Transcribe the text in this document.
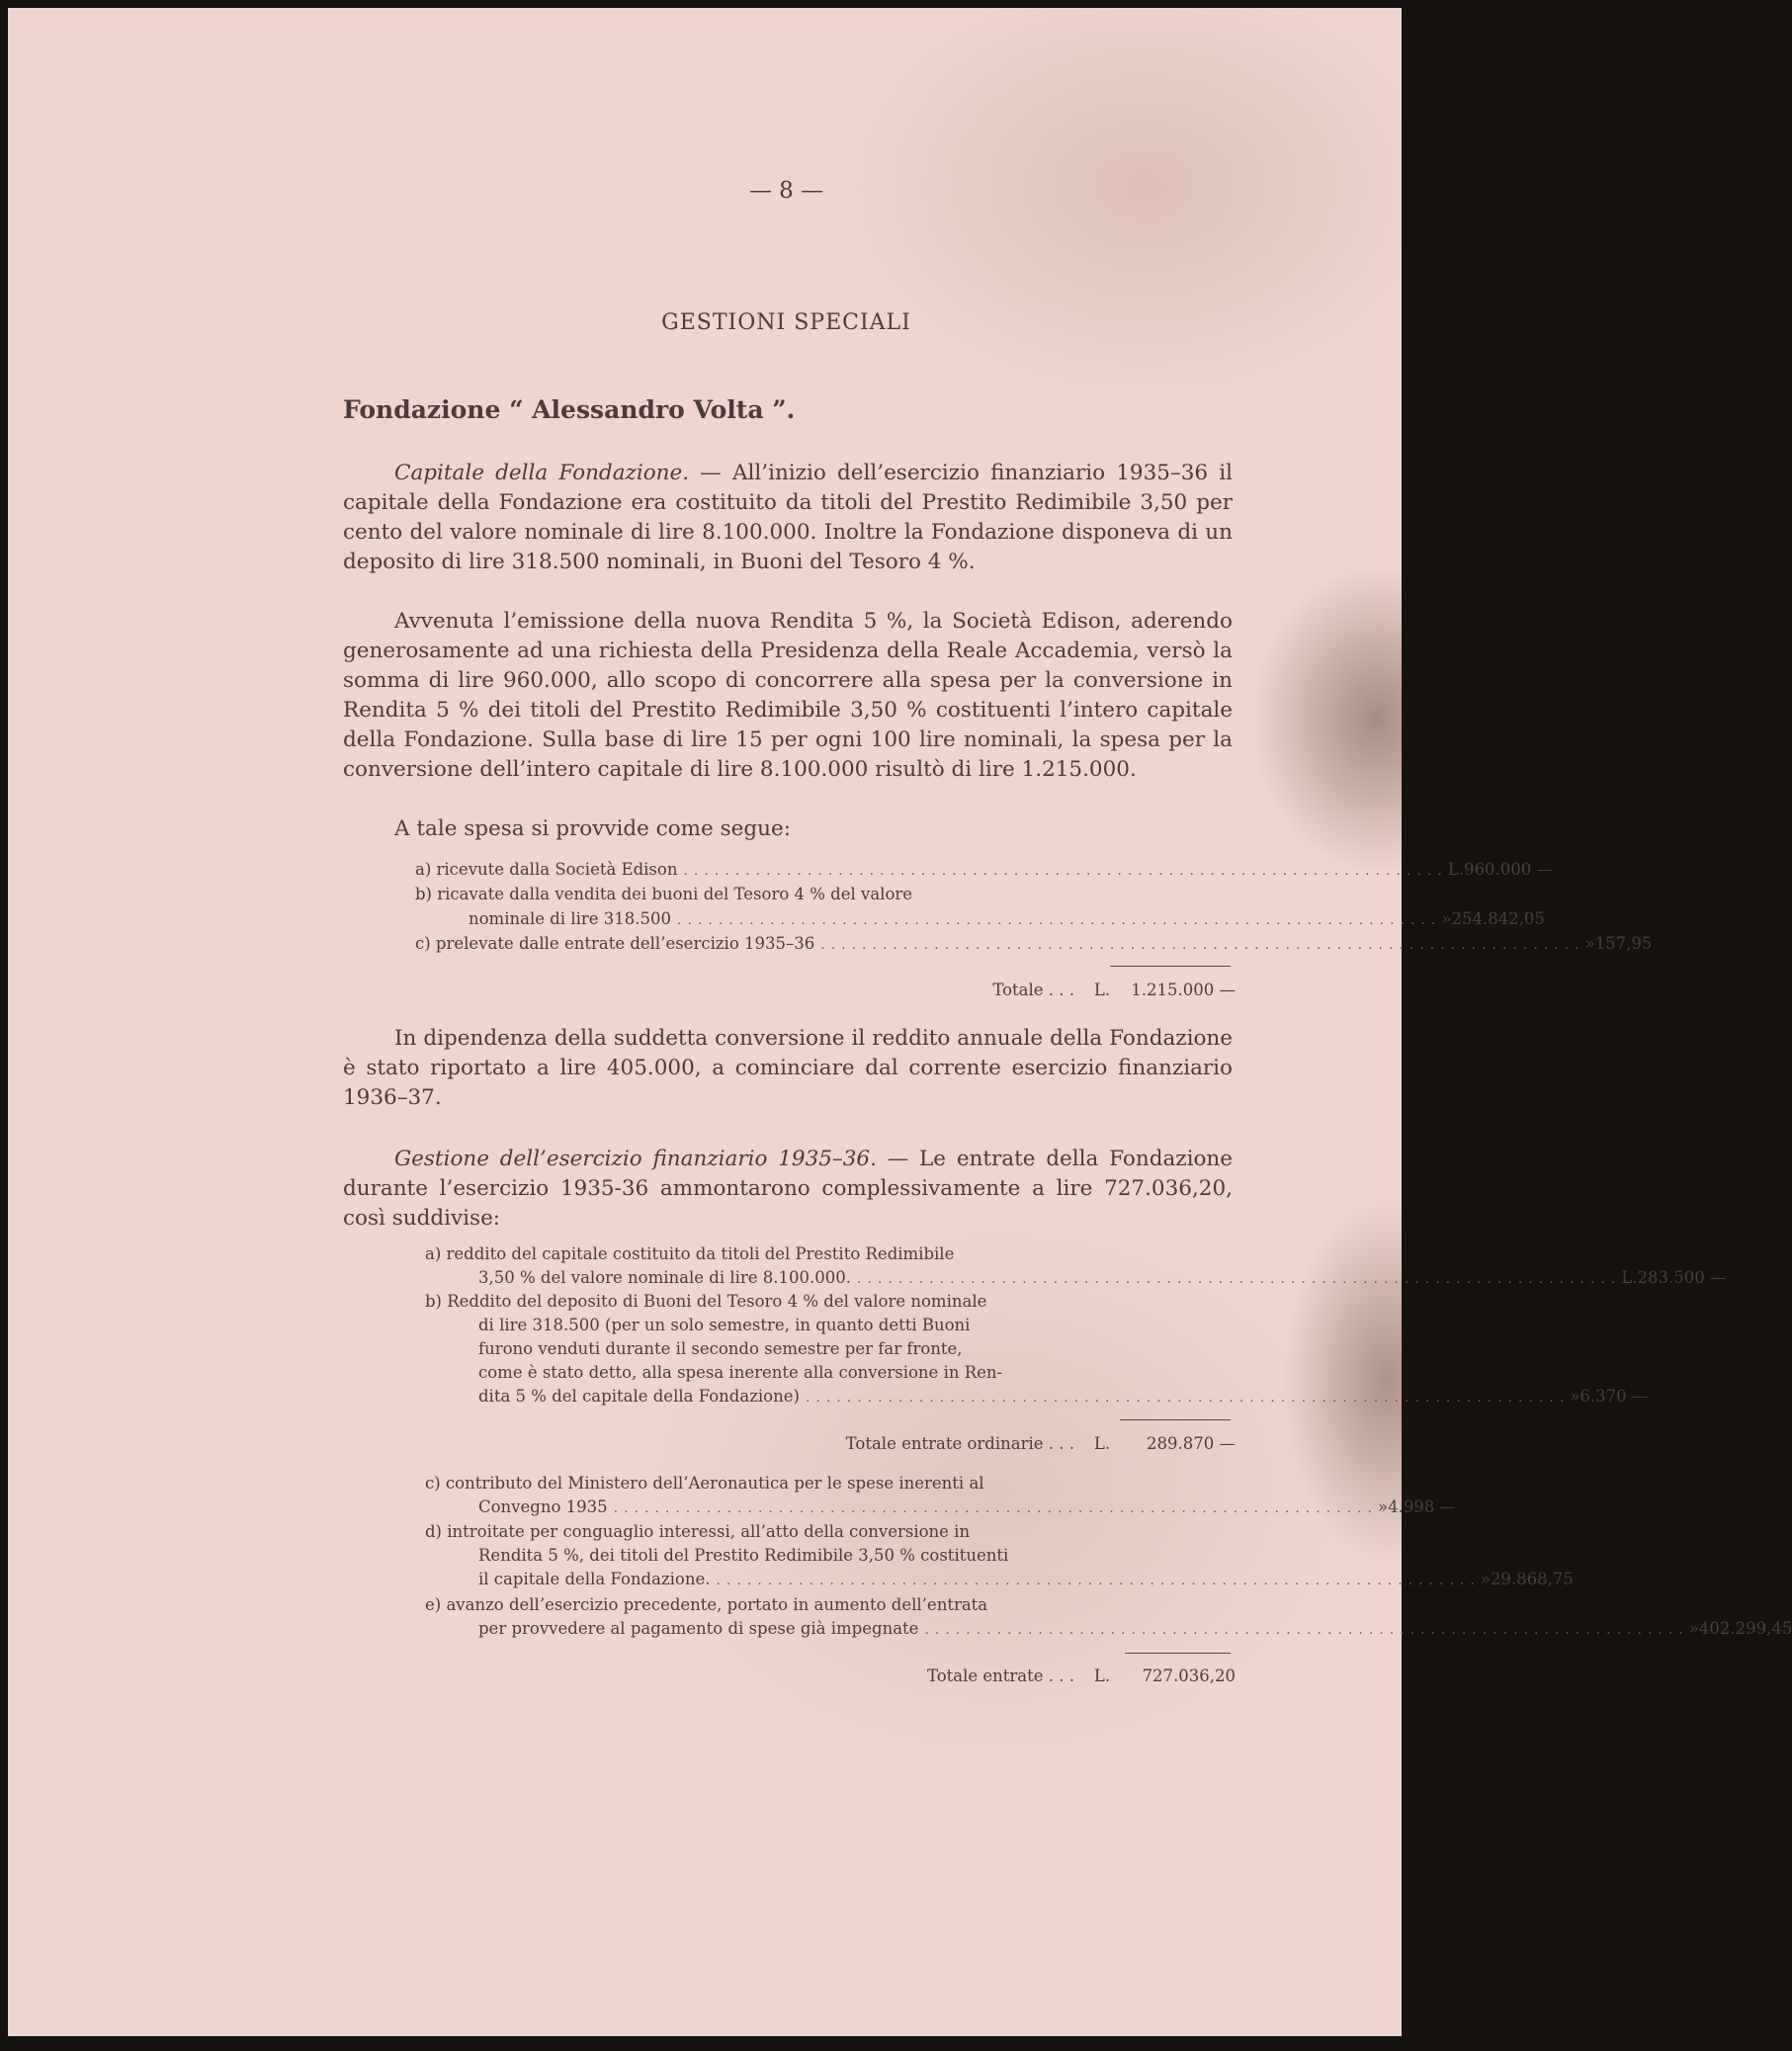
— 8 —
GESTIONI SPECIALI
Fondazione “ Alessandro Volta ”.
Capitale della Fondazione. — All’inizio dell’esercizio finanziario 1935–36 il capitale della Fondazione era costituito da titoli del Prestito Redimibile 3,50 per cento del valore nominale di lire 8.100.000. Inoltre la Fondazione disponeva di un deposito di lire 318.500 nominali, in Buoni del Tesoro 4 %.
Avvenuta l’emissione della nuova Rendita 5 %, la Società Edison, aderendo generosamente ad una richiesta della Presidenza della Reale Accademia, versò la somma di lire 960.000, allo scopo di concorrere alla spesa per la conversione in Rendita 5 % dei titoli del Prestito Redimibile 3,50 % costituenti l’intero capitale della Fondazione. Sulla base di lire 15 per ogni 100 lire nominali, la spesa per la conversione dell’intero capitale di lire 8.100.000 risultò di lire 1.215.000.
A tale spesa si provvide come segue:
a) ricevute dalla Società Edison .......................................................................... L. 960.000 —
b) ricavate dalla vendita dei buoni del Tesoro 4 % del valore
nominale di lire 318.500 .......................................................................... » 254.842,05
c) prelevate dalle entrate dell’esercizio 1935–36 .......................................................................... » 157,95
Totale . . .	L.	1.215.000 —
In dipendenza della suddetta conversione il reddito annuale della Fondazione è stato riportato a lire 405.000, a cominciare dal corrente esercizio finanziario 1936–37.
Gestione dell’esercizio finanziario 1935–36. — Le entrate della Fondazione durante l’esercizio 1935-36 ammontarono complessivamente a lire 727.036,20, così suddivise:
a) reddito del capitale costituito da titoli del Prestito Redimibile
3,50 % del valore nominale di lire 8.100.000. .......................................................................... L. 283.500 —
b) Reddito del deposito di Buoni del Tesoro 4 % del valore nominale
di lire 318.500 (per un solo semestre, in quanto detti Buoni
furono venduti durante il secondo semestre per far fronte,
come è stato detto, alla spesa inerente alla conversione in Ren-
dita 5 % del capitale della Fondazione) .......................................................................... » 6.370 —
Totale entrate ordinarie . . .	L.	289.870 —
c) contributo del Ministero dell’Aeronautica per le spese inerenti al
Convegno 1935 .......................................................................... » 4.998 —
d) introitate per conguaglio interessi, all’atto della conversione in
Rendita 5 %, dei titoli del Prestito Redimibile 3,50 % costituenti
il capitale della Fondazione. .......................................................................... » 29.868,75
e) avanzo dell’esercizio precedente, portato in aumento dell’entrata
per provvedere al pagamento di spese già impegnate .......................................................................... » 402.299,45
Totale entrate . . .	L.	727.036,20
